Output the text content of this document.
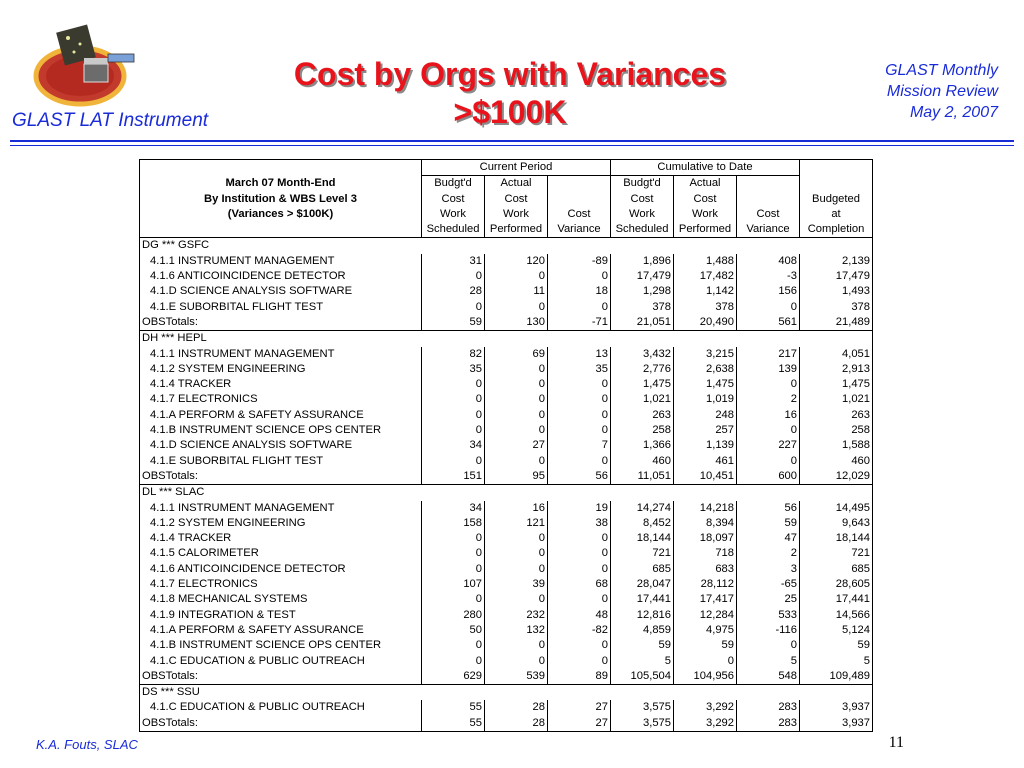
GLAST LAT Instrument
Cost by Orgs with Variances
>$100K
GLAST Monthly
Mission Review
May 2, 2007
	Current Period			Cumulative to Date			
March 07 Month-End	Budgt'd	Actual		Budgt'd	Actual		
By Institution & WBS Level 3	Cost	Cost		Cost	Cost		Budgeted
(Variances > $100K)	Work	Work	Cost	Work	Work	Cost	at
	Scheduled	Performed	Variance	Scheduled	Performed	Variance	Completion
DG *** GSFC							
4.1.1 INSTRUMENT MANAGEMENT	31	120	-89	1,896	1,488	408	2,139
4.1.6 ANTICOINCIDENCE DETECTOR	0	0	0	17,479	17,482	-3	17,479
4.1.D SCIENCE ANALYSIS SOFTWARE	28	11	18	1,298	1,142	156	1,493
4.1.E SUBORBITAL FLIGHT TEST	0	0	0	378	378	0	378
OBSTotals:	59	130	-71	21,051	20,490	561	21,489
DH *** HEPL							
4.1.1 INSTRUMENT MANAGEMENT	82	69	13	3,432	3,215	217	4,051
4.1.2 SYSTEM ENGINEERING	35	0	35	2,776	2,638	139	2,913
4.1.4 TRACKER	0	0	0	1,475	1,475	0	1,475
4.1.7 ELECTRONICS	0	0	0	1,021	1,019	2	1,021
4.1.A PERFORM & SAFETY ASSURANCE	0	0	0	263	248	16	263
4.1.B INSTRUMENT SCIENCE OPS CENTER	0	0	0	258	257	0	258
4.1.D SCIENCE ANALYSIS SOFTWARE	34	27	7	1,366	1,139	227	1,588
4.1.E SUBORBITAL FLIGHT TEST	0	0	0	460	461	0	460
OBSTotals:	151	95	56	11,051	10,451	600	12,029
DL *** SLAC							
4.1.1 INSTRUMENT MANAGEMENT	34	16	19	14,274	14,218	56	14,495
4.1.2 SYSTEM ENGINEERING	158	121	38	8,452	8,394	59	9,643
4.1.4 TRACKER	0	0	0	18,144	18,097	47	18,144
4.1.5 CALORIMETER	0	0	0	721	718	2	721
4.1.6 ANTICOINCIDENCE DETECTOR	0	0	0	685	683	3	685
4.1.7 ELECTRONICS	107	39	68	28,047	28,112	-65	28,605
4.1.8 MECHANICAL SYSTEMS	0	0	0	17,441	17,417	25	17,441
4.1.9 INTEGRATION & TEST	280	232	48	12,816	12,284	533	14,566
4.1.A PERFORM & SAFETY ASSURANCE	50	132	-82	4,859	4,975	-116	5,124
4.1.B INSTRUMENT SCIENCE OPS CENTER	0	0	0	59	59	0	59
4.1.C EDUCATION & PUBLIC OUTREACH	0	0	0	5	0	5	5
OBSTotals:	629	539	89	105,504	104,956	548	109,489
DS *** SSU							
4.1.C EDUCATION & PUBLIC OUTREACH	55	28	27	3,575	3,292	283	3,937
OBSTotals:	55	28	27	3,575	3,292	283	3,937
K.A. Fouts, SLAC	11
